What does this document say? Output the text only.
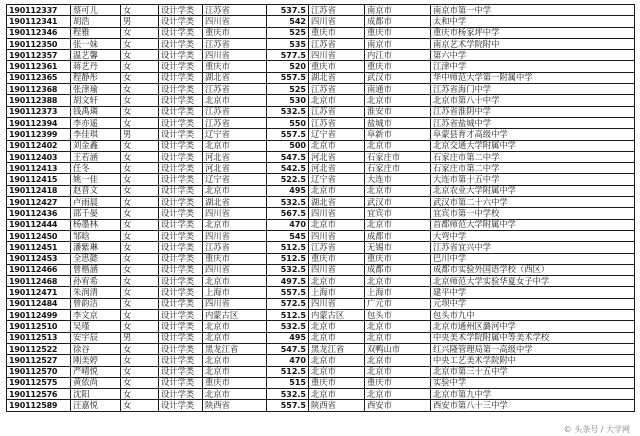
190112337	蔡可儿	女	设计学类	江苏省	537.5	江苏省	南京市	南京市第一中学
190112341	胡浩	男	设计学类	四川省	542	四川省	成都市	太和中学
190112346	程雅	女	设计学类	重庆市	525	重庆市	重庆市	重庆市杨家坪中学
190112350	张一妹	女	设计学类	江苏省	535	江苏省	南京市	南京艺术学院附中
190112357	温艺馨	女	设计学类	四川省	577.5	四川省	内江市	第六中学
190112361	蒋艺丹	女	设计学类	重庆市	520	重庆市	重庆市	江津中学
190112365	程静彤	女	设计学类	湖北省	557.5	湖北省	武汉市	华中师范大学第一附属中学
190112368	张津瑜	女	设计学类	江苏省	525	江苏省	南通市	江苏省海门中学
190112388	胡文轩	女	设计学类	北京市	530	北京市	北京市	北京市第八十中学
190112373	钱禹璘	女	设计学类	江苏省	532.5	江苏省	淮安市	江苏省淮阴中学
190112394	李亦遥	女	设计学类	江苏省	550	江苏省	盐城市	江苏省盐城中学
190112399	李佳琪	男	设计学类	辽宁省	557.5	辽宁省	阜新市	阜蒙县育才高级中学
190112402	刘金鑫	女	设计学类	北京市	500	北京市	北京市	北京交通大学附属中学
190112403	王若涵	女	设计学类	河北省	547.5	河北省	石家庄市	石家庄市第二中学
190112413	任冬	女	设计学类	河北省	542.5	河北省	石家庄市	石家庄市第二中学
190112415	姚一佳	女	设计学类	辽宁省	522.5	辽宁省	大连市	大连市第十五中学
190112418	赵晋文	女	设计学类	北京市	495	北京市	北京市	北京农业大学附属中学
190112427	卢雨晨	女	设计学类	湖北省	532.5	湖北省	武汉市	武汉市第二十六中学
190112436	邵千晏	女	设计学类	四川省	567.5	四川省	宜宾市	宜宾市第一中学校
190112444	杨墨林	女	设计学类	北京市	470	北京市	北京市	首都师范大学附属中学
190112450	邹晗	女	设计学类	四川省	545	四川省	成都市	大弯中学
190112451	潘紫琳	女	设计学类	江苏省	512.5	江苏省	无锡市	江苏省宜兴中学
190112453	全思懿	女	设计学类	重庆市	512.5	重庆市	重庆市	巴川中学
190112466	曾楷涵	女	设计学类	四川省	532.5	四川省	成都市	成都市实验外国语学校（西区）
190112468	孙宥希	女	设计学类	北京市	497.5	北京市	北京市	北京师范大学实验华夏女子中学
190112471	朱润清	女	设计学类	上海市	557.5	上海市	上海市	建平中学
190112484	曾韵洁	女	设计学类	四川省	572.5	四川省	广元市	元坝中学
190112499	李文京	女	设计学类	内蒙古区	512.5	内蒙古区	包头市	包头市九中
190112510	吴瑾	女	设计学类	北京市	532.5	北京市	北京市	北京市通州区潞河中学
190112513	安宇辰	男	设计学类	北京市	495	北京市	北京市	中央美术学院附属中等美术学校
190112522	徐谷	女	设计学类	黑龙江省	547.5	黑龙江省	双鸭山市	红兴隆管理局第一高级中学
190112527	刚美婷	女	设计学类	北京市	470	北京市	北京市	中央工艺美术学院附中
190112570	严晴悦	女	设计学类	北京市	512.5	北京市	北京市	北京市第三十五中学
190112575	黄依尚	女	设计学类	重庆市	515	重庆市	重庆市	实验中学
190112576	沈阳	女	设计学类	北京市	532.5	北京市	北京市	北京市第九中学
190112589	汪嘉悦	女	设计学类	陕西省	557.5	陕西省	西安市	西安市第八十三中学
© 头条号 / 大学网
